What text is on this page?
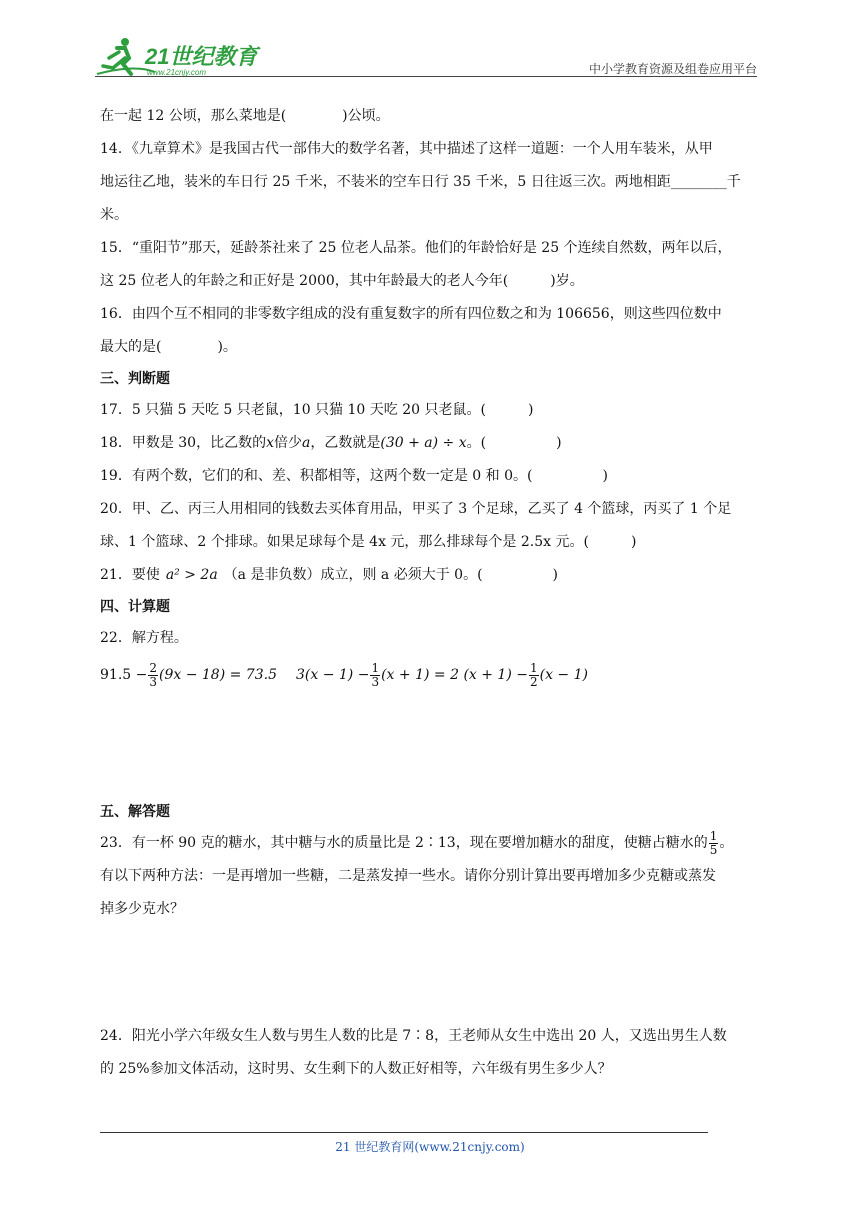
21世纪教育
www.21cnjy.com	中小学教育资源及组卷应用平台
在一起 12 公顷，那么菜地是(　　　　)公顷。
14．《九章算术》是我国古代一部伟大的数学名著，其中描述了这样一道题：一个人用车装米，从甲
地运往乙地，装米的车日行 25 千米，不装米的空车日行 35 千米，5 日往返三次。两地相距________千
米。
15．“重阳节”那天，延龄茶社来了 25 位老人品茶。他们的年龄恰好是 25 个连续自然数，两年以后，
这 25 位老人的年龄之和正好是 2000，其中年龄最大的老人今年(　　　)岁。
16．由四个互不相同的非零数字组成的没有重复数字的所有四位数之和为 106656，则这些四位数中
最大的是(　　　　)。
三、判断题
17．5 只猫 5 天吃 5 只老鼠，10 只猫 10 天吃 20 只老鼠。(　　　)
18．甲数是 30，比乙数的x倍少a，乙数就是(30 + a) ÷ x。(　　　　　)
19．有两个数，它们的和、差、积都相等，这两个数一定是 0 和 0。(　　　　　)
20．甲、乙、丙三人用相同的钱数去买体育用品，甲买了 3 个足球，乙买了 4 个篮球，丙买了 1 个足
球、1 个篮球、2 个排球。如果足球每个是 4x 元，那么排球每个是 2.5x 元。(　　　)
21．要使 a² > 2a （a 是非负数）成立，则 a 必须大于 0。(　　　　　)
四、计算题
22．解方程。
$91.5 - \frac{2}{3} (9x - 18) = 73.5$ $3(x - 1) - \frac{1}{3} (x + 1) = 2$ $(x + 1) - \frac{1}{2} (x - 1)$
五、解答题
23．有一杯 90 克的糖水，其中糖与水的质量比是 2∶13，现在要增加糖水的甜度，使糖占糖水的 $\frac{1}{5}$ 。
有以下两种方法：一是再增加一些糖，二是蒸发掉一些水。请你分别计算出要再增加多少克糖或蒸发
掉多少克水？
24．阳光小学六年级女生人数与男生人数的比是 7∶8，王老师从女生中选出 20 人，又选出男生人数
的 25%参加文体活动，这时男、女生剩下的人数正好相等，六年级有男生多少人？
21 世纪教育网(www.21cnjy.com)
